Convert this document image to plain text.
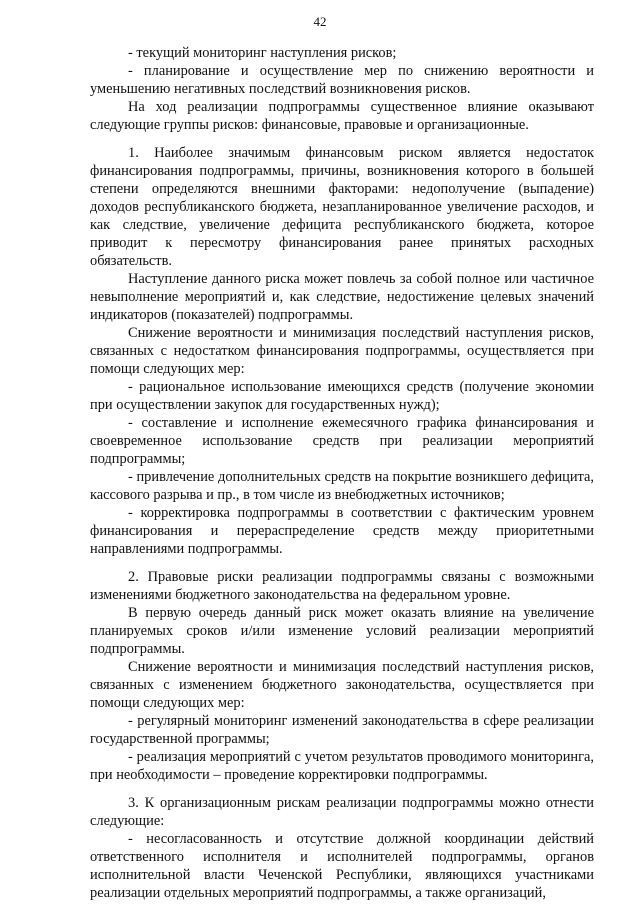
42

- текущий мониторинг наступления рисков;

- планирование и осуществление мер по снижению вероятности и уменьшению негативных последствий возникновения рисков.

На ход реализации подпрограммы существенное влияние оказывают следующие группы рисков: финансовые, правовые и организационные.

1. Наиболее значимым финансовым риском является недостаток финансирования подпрограммы, причины, возникновения которого в большей степени определяются внешними факторами: недополучение (выпадение) доходов республиканского бюджета, незапланированное увеличение расходов, и как следствие, увеличение дефицита республиканского бюджета, которое приводит к пересмотру финансирования ранее принятых расходных обязательств.

Наступление данного риска может повлечь за собой полное или частичное невыполнение мероприятий и, как следствие, недостижение целевых значений индикаторов (показателей) подпрограммы.

Снижение вероятности и минимизация последствий наступления рисков, связанных с недостатком финансирования подпрограммы, осуществляется при помощи следующих мер:

- рациональное использование имеющихся средств (получение экономии при осуществлении закупок для государственных нужд);

- составление и исполнение ежемесячного графика финансирования и своевременное использование средств при реализации мероприятий подпрограммы;

- привлечение дополнительных средств на покрытие возникшего дефицита, кассового разрыва и пр., в том числе из внебюджетных источников;

- корректировка подпрограммы в соответствии с фактическим уровнем финансирования и перераспределение средств между приоритетными направлениями подпрограммы.

2. Правовые риски реализации подпрограммы связаны с возможными изменениями бюджетного законодательства на федеральном уровне.

В первую очередь данный риск может оказать влияние на увеличение планируемых сроков и/или изменение условий реализации мероприятий подпрограммы.

Снижение вероятности и минимизация последствий наступления рисков, связанных с изменением бюджетного законодательства, осуществляется при помощи следующих мер:

- регулярный мониторинг изменений законодательства в сфере реализации государственной программы;

- реализация мероприятий с учетом результатов проводимого мониторинга, при необходимости – проведение корректировки подпрограммы.

3. К организационным рискам реализации подпрограммы можно отнести следующие:

- несогласованность и отсутствие должной координации действий ответственного исполнителя и исполнителей подпрограммы, органов исполнительной власти Чеченской Республики, являющихся участниками реализации отдельных мероприятий подпрограммы, а также организаций,
